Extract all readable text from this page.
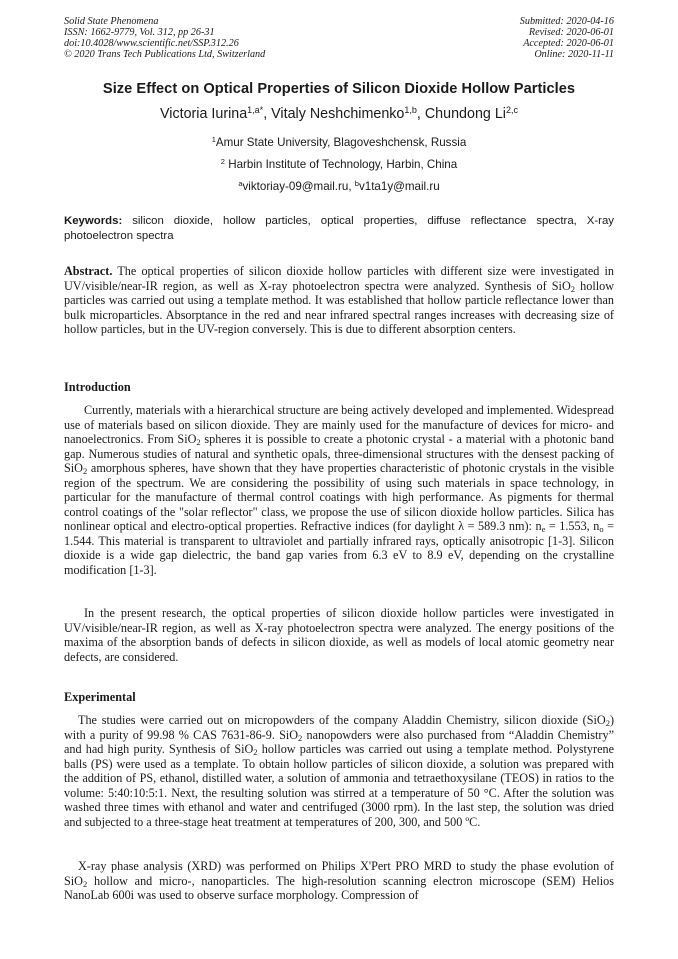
Solid State Phenomena
ISSN: 1662-9779, Vol. 312, pp 26-31
doi:10.4028/www.scientific.net/SSP.312.26
© 2020 Trans Tech Publications Ltd, Switzerland
Submitted: 2020-04-16
Revised: 2020-06-01
Accepted: 2020-06-01
Online: 2020-11-11
Size Effect on Optical Properties of Silicon Dioxide Hollow Particles
Victoria Iurina$^{1,a*}$, Vitaly Neshchimenko$^{1,b}$, Chundong Li$^{2,c}$
$^1$Amur State University, Blagoveshchensk, Russia
$^2$ Harbin Institute of Technology, Harbin, China
$^a$viktoriay-09@mail.ru, $^b$v1ta1y@mail.ru
Keywords: silicon dioxide, hollow particles, optical properties, diffuse reflectance spectra, X-ray photoelectron spectra

Abstract. The optical properties of silicon dioxide hollow particles with different size were investigated in UV/visible/near-IR region, as well as X-ray photoelectron spectra were analyzed. Synthesis of SiO$_2$ hollow particles was carried out using a template method. It was established that hollow particle reflectance lower than bulk microparticles. Absorptance in the red and near infrared spectral ranges increases with decreasing size of hollow particles, but in the UV-region conversely. This is due to different absorption centers.

Introduction

Currently, materials with a hierarchical structure are being actively developed and implemented. Widespread use of materials based on silicon dioxide. They are mainly used for the manufacture of devices for micro- and nanoelectronics. From SiO$_2$ spheres it is possible to create a photonic crystal - a material with a photonic band gap. Numerous studies of natural and synthetic opals, three-dimensional structures with the densest packing of SiO$_2$ amorphous spheres, have shown that they have properties characteristic of photonic crystals in the visible region of the spectrum. We are considering the possibility of using such materials in space technology, in particular for the manufacture of thermal control coatings with high performance. As pigments for thermal control coatings of the "solar reflector" class, we propose the use of silicon dioxide hollow particles. Silica has nonlinear optical and electro-optical properties. Refractive indices (for daylight λ = 589.3 nm): $n_e = 1.553$, $n_o = 1.544$. This material is transparent to ultraviolet and partially infrared rays, optically anisotropic [1-3]. Silicon dioxide is a wide gap dielectric, the band gap varies from 6.3 eV to 8.9 eV, depending on the crystalline modification [1-3].

In the present research, the optical properties of silicon dioxide hollow particles were investigated in UV/visible/near-IR region, as well as X-ray photoelectron spectra were analyzed. The energy positions of the maxima of the absorption bands of defects in silicon dioxide, as well as models of local atomic geometry near defects, are considered.

Experimental

The studies were carried out on micropowders of the company Aladdin Chemistry, silicon dioxide (SiO$_2$) with a purity of 99.98 % CAS 7631-86-9. SiO$_2$ nanopowders were also purchased from “Aladdin Chemistry” and had high purity. Synthesis of SiO$_2$ hollow particles was carried out using a template method. Polystyrene balls (PS) were used as a template. To obtain hollow particles of silicon dioxide, a solution was prepared with the addition of PS, ethanol, distilled water, a solution of ammonia and tetraethoxysilane (TEOS) in ratios to the volume: 5:40:10:5:1. Next, the resulting solution was stirred at a temperature of 50 °C. After the solution was washed three times with ethanol and water and centrifuged (3000 rpm). In the last step, the solution was dried and subjected to a three-stage heat treatment at temperatures of 200, 300, and 500 ºC.

X-ray phase analysis (XRD) was performed on Philips X'Pert PRO MRD to study the phase evolution of SiO$_2$ hollow and micro-, nanoparticles. The high-resolution scanning electron microscope (SEM) Helios NanoLab 600i was used to observe surface morphology. Compression of
